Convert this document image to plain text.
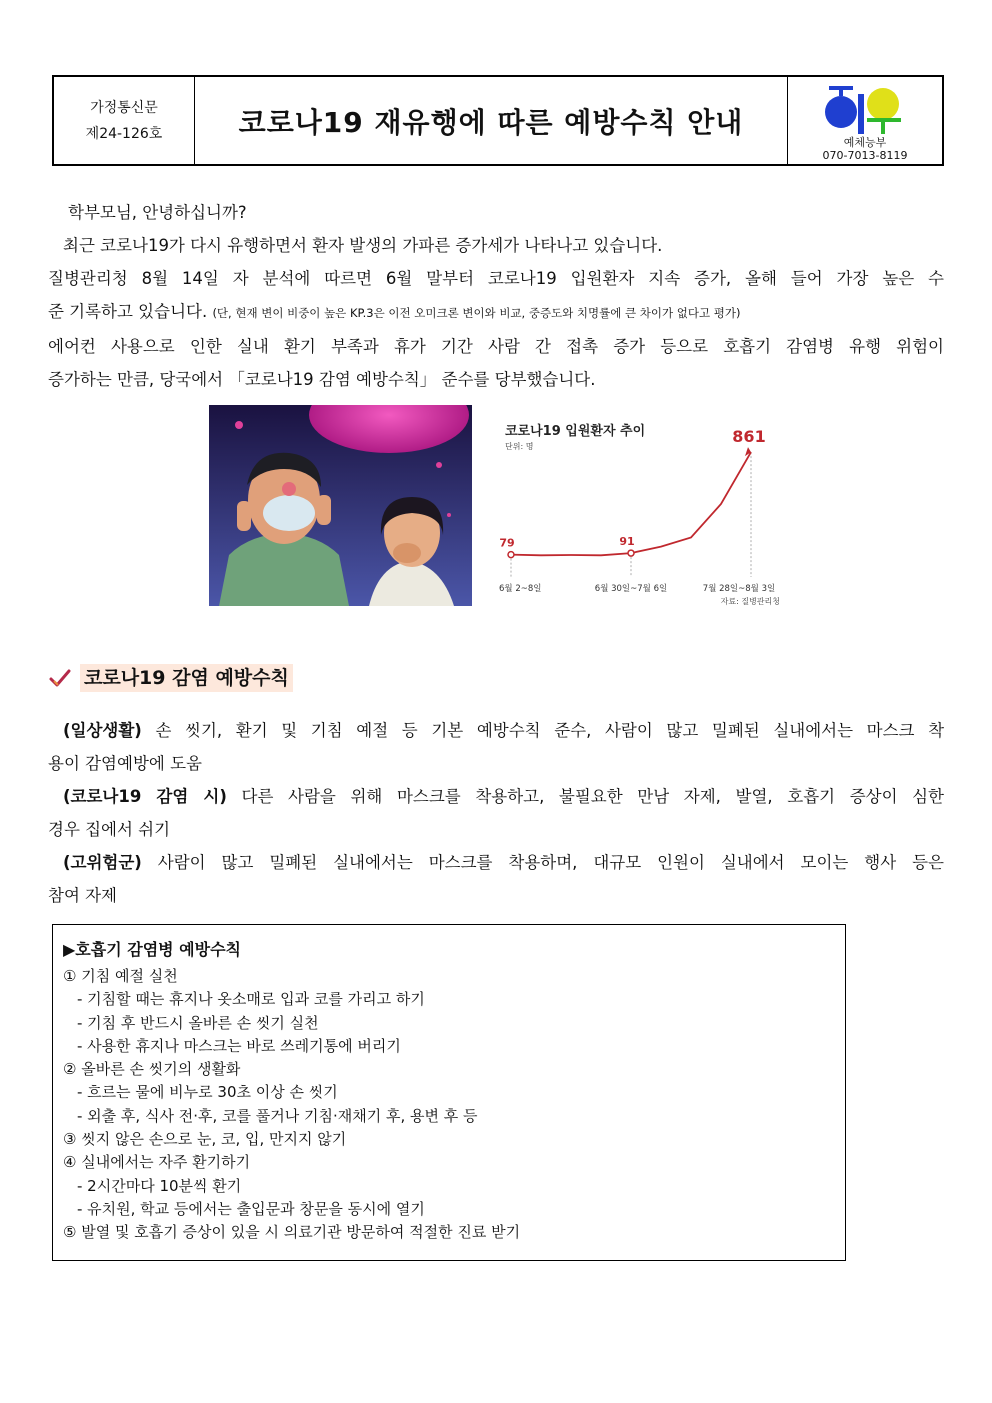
가정통신문
제24-126호	코로나19 재유행에 따른 예방수칙 안내
예체능부
070-7013-8119
학부모님, 안녕하십니까?
최근 코로나19가 다시 유행하면서 환자 발생의 가파른 증가세가 나타나고 있습니다.
질병관리청 8월 14일 자 분석에 따르면 6월 말부터 코로나19 입원환자 지속 증가, 올해 들어 가장 높은 수
준 기록하고 있습니다. (단, 현재 변이 비중이 높은 KP.3은 이전 오미크론 변이와 비교, 중증도와 치명률에 큰 차이가 없다고 평가)
에어컨 사용으로 인한 실내 환기 부족과 휴가 기간 사람 간 접촉 증가 등으로 호흡기 감염병 유행 위험이
증가하는 만큼, 당국에서 「코로나19 감염 예방수칙」 준수를 당부했습니다.
코로나19 입원환자 추이
단위: 명
79	91
861
6월 2~8일	6월 30일~7월 6일	7월 28일~8월 3일
자료: 질병관리청
코로나19 감염 예방수칙
(일상생활) 손 씻기, 환기 및 기침 예절 등 기본 예방수칙 준수, 사람이 많고 밀폐된 실내에서는 마스크 착
용이 감염예방에 도움
(코로나19 감염 시) 다른 사람을 위해 마스크를 착용하고, 불필요한 만남 자제, 발열, 호흡기 증상이 심한
경우 집에서 쉬기
(고위험군) 사람이 많고 밀폐된 실내에서는 마스크를 착용하며, 대규모 인원이 실내에서 모이는 행사 등은
참여 자제
▶호흡기 감염병 예방수칙
① 기침 예절 실천
- 기침할 때는 휴지나 옷소매로 입과 코를 가리고 하기
- 기침 후 반드시 올바른 손 씻기 실천
- 사용한 휴지나 마스크는 바로 쓰레기통에 버리기
② 올바른 손 씻기의 생활화
- 흐르는 물에 비누로 30초 이상 손 씻기
- 외출 후, 식사 전·후, 코를 풀거나 기침·재채기 후, 용변 후 등
③ 씻지 않은 손으로 눈, 코, 입, 만지지 않기
④ 실내에서는 자주 환기하기
- 2시간마다 10분씩 환기
- 유치원, 학교 등에서는 출입문과 창문을 동시에 열기
⑤ 발열 및 호흡기 증상이 있을 시 의료기관 방문하여 적절한 진료 받기
